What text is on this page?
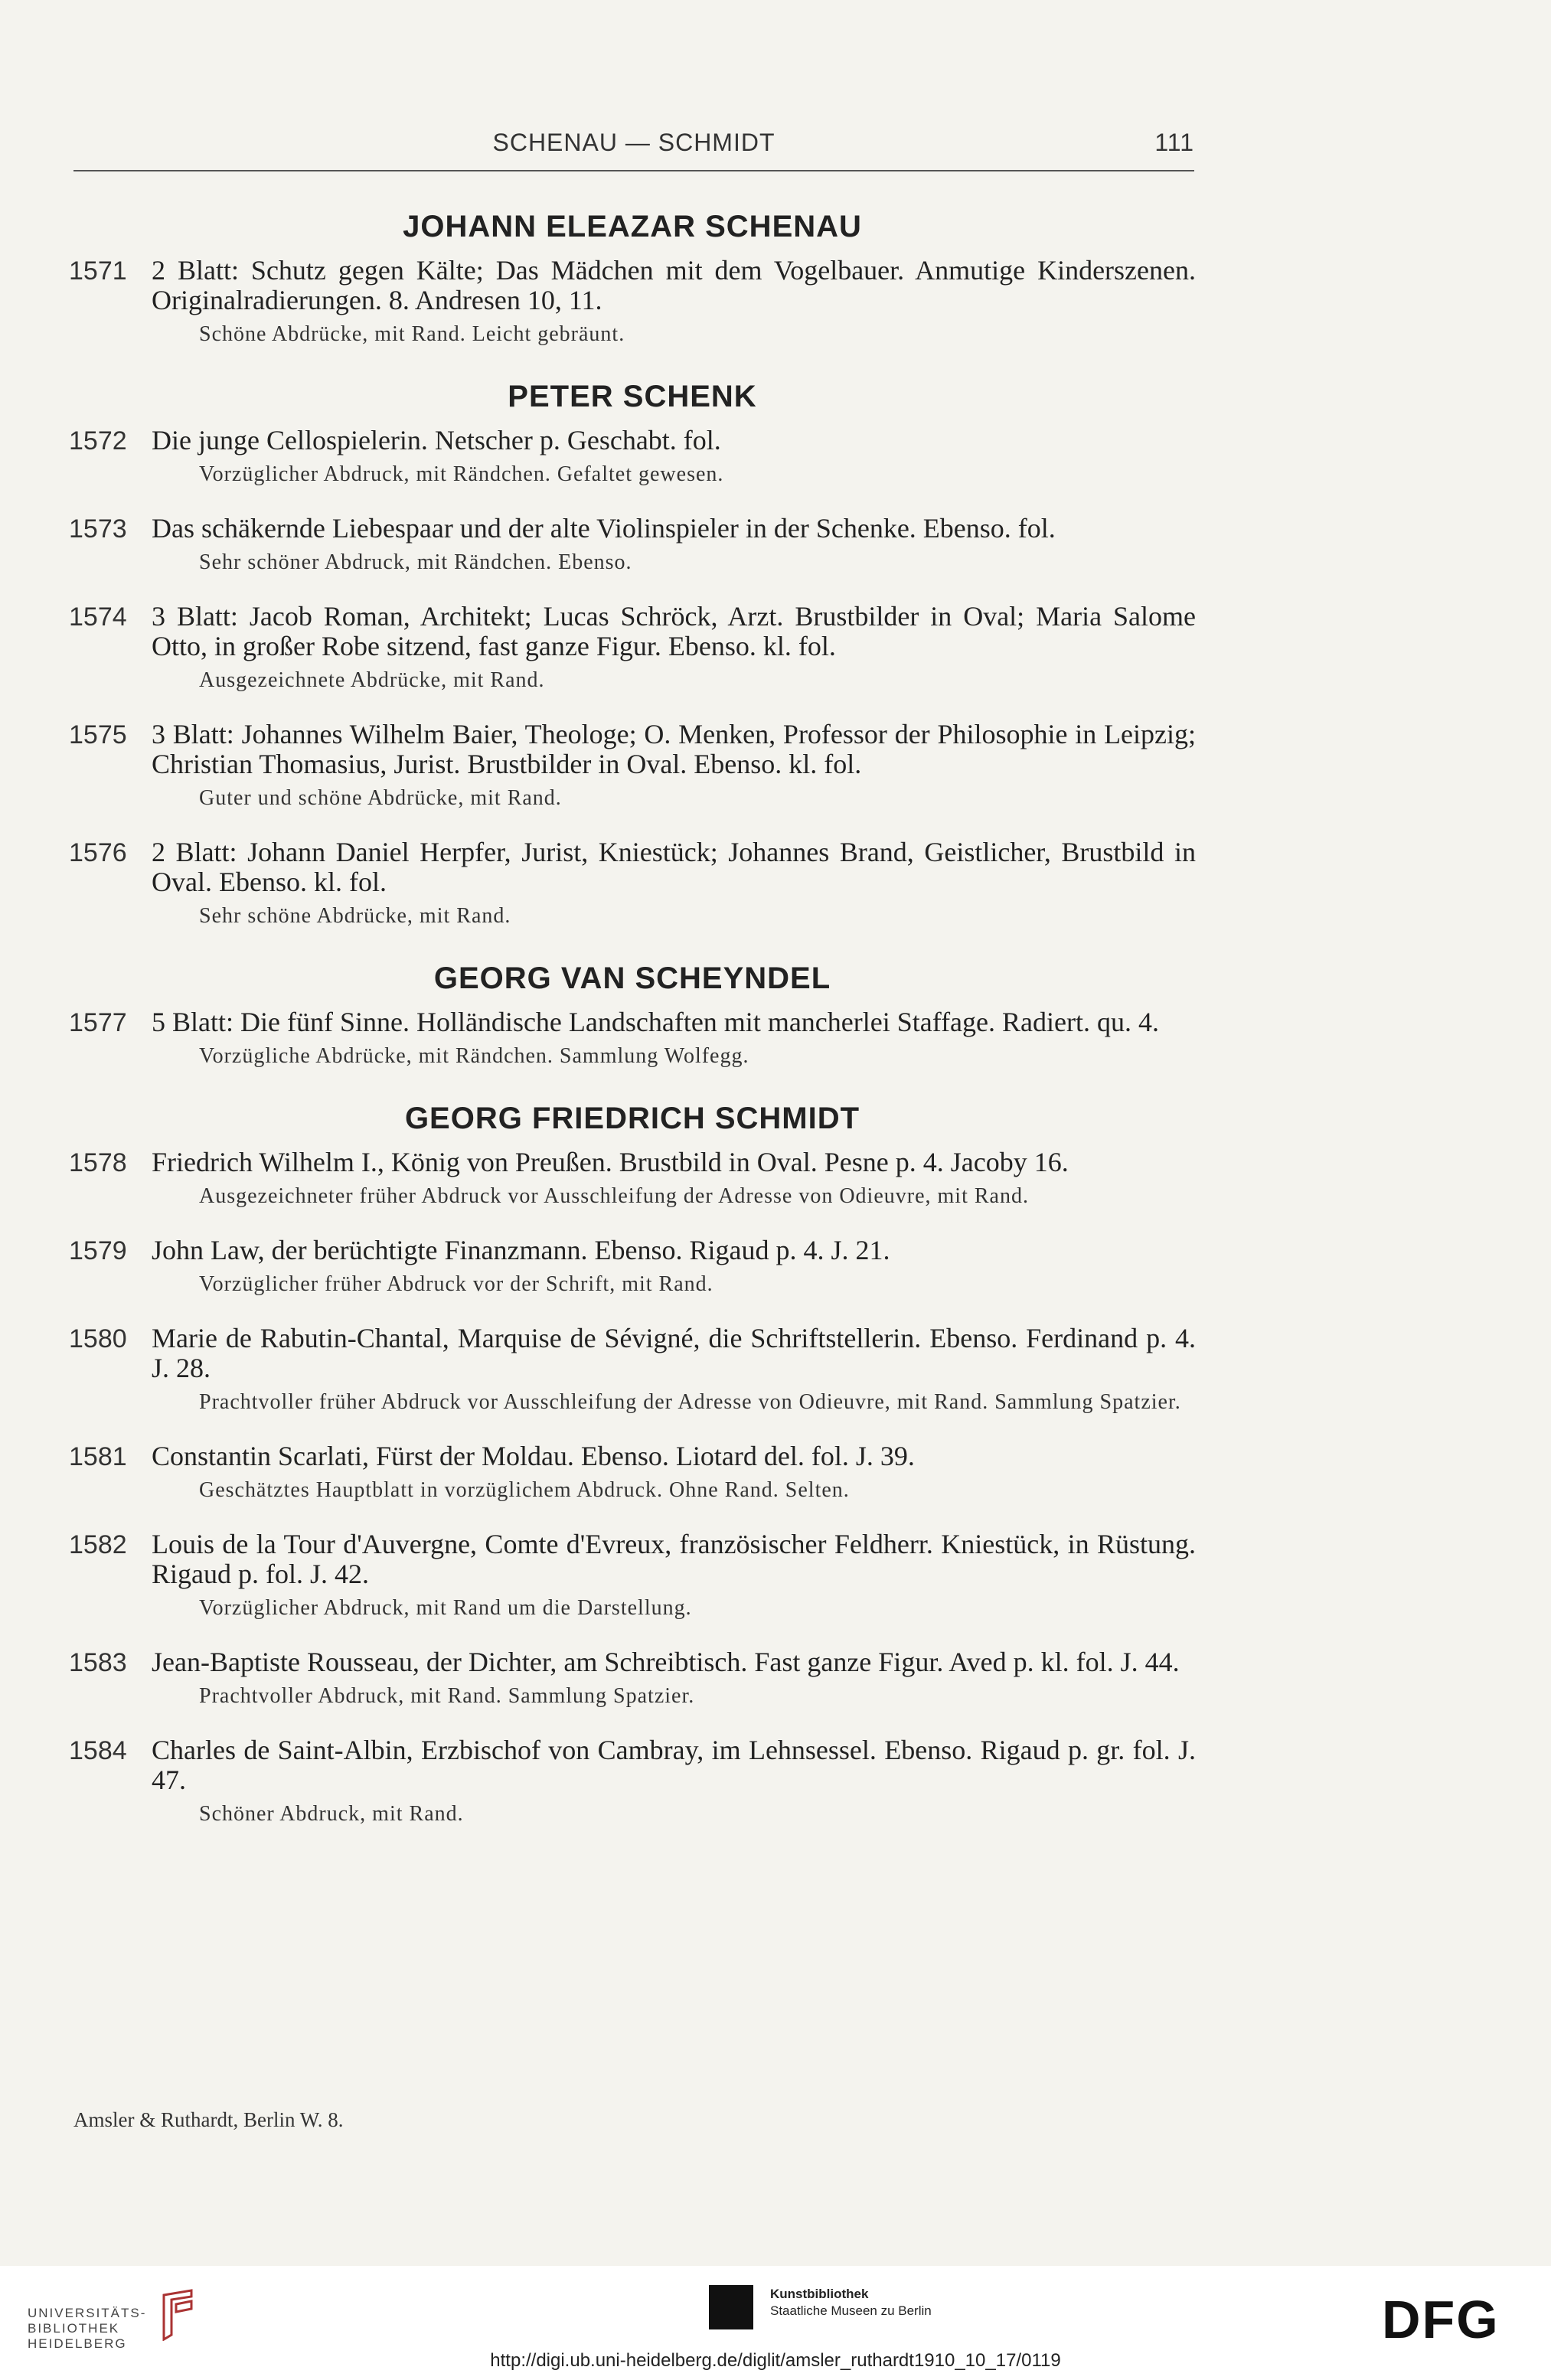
SCHENAU — SCHMIDT	111
JOHANN ELEAZAR SCHENAU
1571 2 Blatt: Schutz gegen Kälte; Das Mädchen mit dem Vogelbauer. Anmutige Kinderszenen. Originalradierungen. 8. Andresen 10, 11.
Schöne Abdrücke, mit Rand. Leicht gebräunt.
PETER SCHENK
1572 Die junge Cellospielerin. Netscher p. Geschabt. fol.
Vorzüglicher Abdruck, mit Rändchen. Gefaltet gewesen.
1573 Das schäkernde Liebespaar und der alte Violinspieler in der Schenke. Ebenso. fol.
Sehr schöner Abdruck, mit Rändchen. Ebenso.
1574 3 Blatt: Jacob Roman, Architekt; Lucas Schröck, Arzt. Brustbilder in Oval; Maria Salome Otto, in großer Robe sitzend, fast ganze Figur. Ebenso. kl. fol.
Ausgezeichnete Abdrücke, mit Rand.
1575 3 Blatt: Johannes Wilhelm Baier, Theologe; O. Menken, Professor der Philosophie in Leipzig; Christian Thomasius, Jurist. Brustbilder in Oval. Ebenso. kl. fol.
Guter und schöne Abdrücke, mit Rand.
1576 2 Blatt: Johann Daniel Herpfer, Jurist, Kniestück; Johannes Brand, Geistlicher, Brustbild in Oval. Ebenso. kl. fol.
Sehr schöne Abdrücke, mit Rand.
GEORG VAN SCHEYNDEL
1577 5 Blatt: Die fünf Sinne. Holländische Landschaften mit mancherlei Staffage. Radiert. qu. 4.
Vorzügliche Abdrücke, mit Rändchen. Sammlung Wolfegg.
GEORG FRIEDRICH SCHMIDT
1578 Friedrich Wilhelm I., König von Preußen. Brustbild in Oval. Pesne p. 4. Jacoby 16.
Ausgezeichneter früher Abdruck vor Ausschleifung der Adresse von Odieuvre, mit Rand.
1579 John Law, der berüchtigte Finanzmann. Ebenso. Rigaud p. 4. J. 21.
Vorzüglicher früher Abdruck vor der Schrift, mit Rand.
1580 Marie de Rabutin-Chantal, Marquise de Sévigné, die Schriftstellerin. Ebenso. Ferdinand p. 4. J. 28.
Prachtvoller früher Abdruck vor Ausschleifung der Adresse von Odieuvre, mit Rand. Sammlung Spatzier.
1581 Constantin Scarlati, Fürst der Moldau. Ebenso. Liotard del. fol. J. 39.
Geschätztes Hauptblatt in vorzüglichem Abdruck. Ohne Rand. Selten.
1582 Louis de la Tour d'Auvergne, Comte d'Evreux, französischer Feldherr. Kniestück, in Rüstung. Rigaud p. fol. J. 42.
Vorzüglicher Abdruck, mit Rand um die Darstellung.
1583 Jean-Baptiste Rousseau, der Dichter, am Schreibtisch. Fast ganze Figur. Aved p. kl. fol. J. 44.
Prachtvoller Abdruck, mit Rand. Sammlung Spatzier.
1584 Charles de Saint-Albin, Erzbischof von Cambray, im Lehnsessel. Ebenso. Rigaud p. gr. fol. J. 47.
Schöner Abdruck, mit Rand.
Amsler & Ruthardt, Berlin W. 8.
UNIVERSITÄTS-
BIBLIOTHEK
HEIDELBERG
Kunstbibliothek
Staatliche Museen zu Berlin	DFG
http://digi.ub.uni-heidelberg.de/diglit/amsler_ruthardt1910_10_17/0119
